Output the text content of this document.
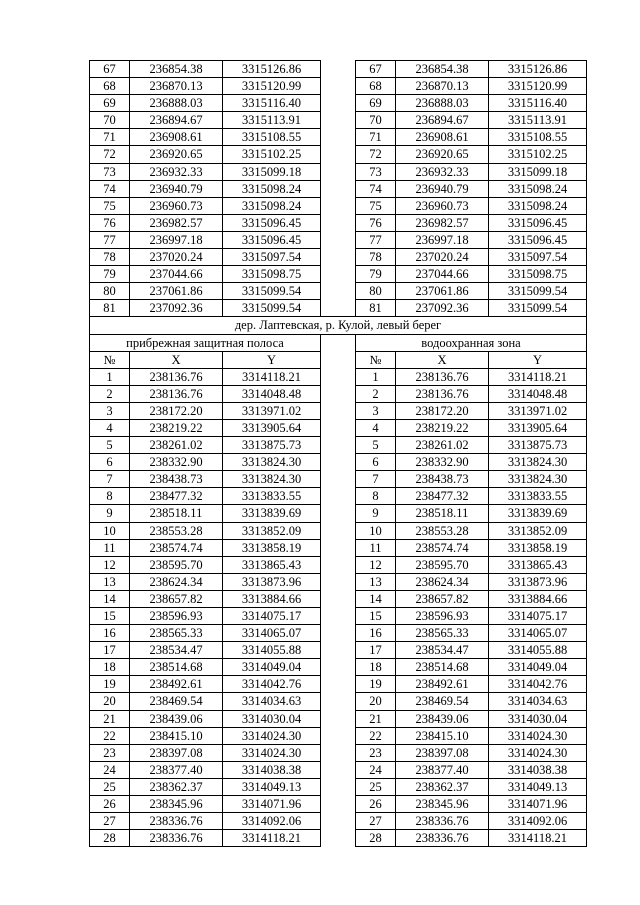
67	236854.38	3315126.86		67	236854.38	3315126.86
68	236870.13	3315120.99		68	236870.13	3315120.99
69	236888.03	3315116.40		69	236888.03	3315116.40
70	236894.67	3315113.91		70	236894.67	3315113.91
71	236908.61	3315108.55		71	236908.61	3315108.55
72	236920.65	3315102.25		72	236920.65	3315102.25
73	236932.33	3315099.18		73	236932.33	3315099.18
74	236940.79	3315098.24		74	236940.79	3315098.24
75	236960.73	3315098.24		75	236960.73	3315098.24
76	236982.57	3315096.45		76	236982.57	3315096.45
77	236997.18	3315096.45		77	236997.18	3315096.45
78	237020.24	3315097.54		78	237020.24	3315097.54
79	237044.66	3315098.75		79	237044.66	3315098.75
80	237061.86	3315099.54		80	237061.86	3315099.54
81	237092.36	3315099.54		81	237092.36	3315099.54
дер. Лаптевская, р. Кулой, левый берег						
прибрежная защитная полоса				водоохранная зона		
№	X	Y		№	X	Y
1	238136.76	3314118.21		1	238136.76	3314118.21
2	238136.76	3314048.48		2	238136.76	3314048.48
3	238172.20	3313971.02		3	238172.20	3313971.02
4	238219.22	3313905.64		4	238219.22	3313905.64
5	238261.02	3313875.73		5	238261.02	3313875.73
6	238332.90	3313824.30		6	238332.90	3313824.30
7	238438.73	3313824.30		7	238438.73	3313824.30
8	238477.32	3313833.55		8	238477.32	3313833.55
9	238518.11	3313839.69		9	238518.11	3313839.69
10	238553.28	3313852.09		10	238553.28	3313852.09
11	238574.74	3313858.19		11	238574.74	3313858.19
12	238595.70	3313865.43		12	238595.70	3313865.43
13	238624.34	3313873.96		13	238624.34	3313873.96
14	238657.82	3313884.66		14	238657.82	3313884.66
15	238596.93	3314075.17		15	238596.93	3314075.17
16	238565.33	3314065.07		16	238565.33	3314065.07
17	238534.47	3314055.88		17	238534.47	3314055.88
18	238514.68	3314049.04		18	238514.68	3314049.04
19	238492.61	3314042.76		19	238492.61	3314042.76
20	238469.54	3314034.63		20	238469.54	3314034.63
21	238439.06	3314030.04		21	238439.06	3314030.04
22	238415.10	3314024.30		22	238415.10	3314024.30
23	238397.08	3314024.30		23	238397.08	3314024.30
24	238377.40	3314038.38		24	238377.40	3314038.38
25	238362.37	3314049.13		25	238362.37	3314049.13
26	238345.96	3314071.96		26	238345.96	3314071.96
27	238336.76	3314092.06		27	238336.76	3314092.06
28	238336.76	3314118.21		28	238336.76	3314118.21
